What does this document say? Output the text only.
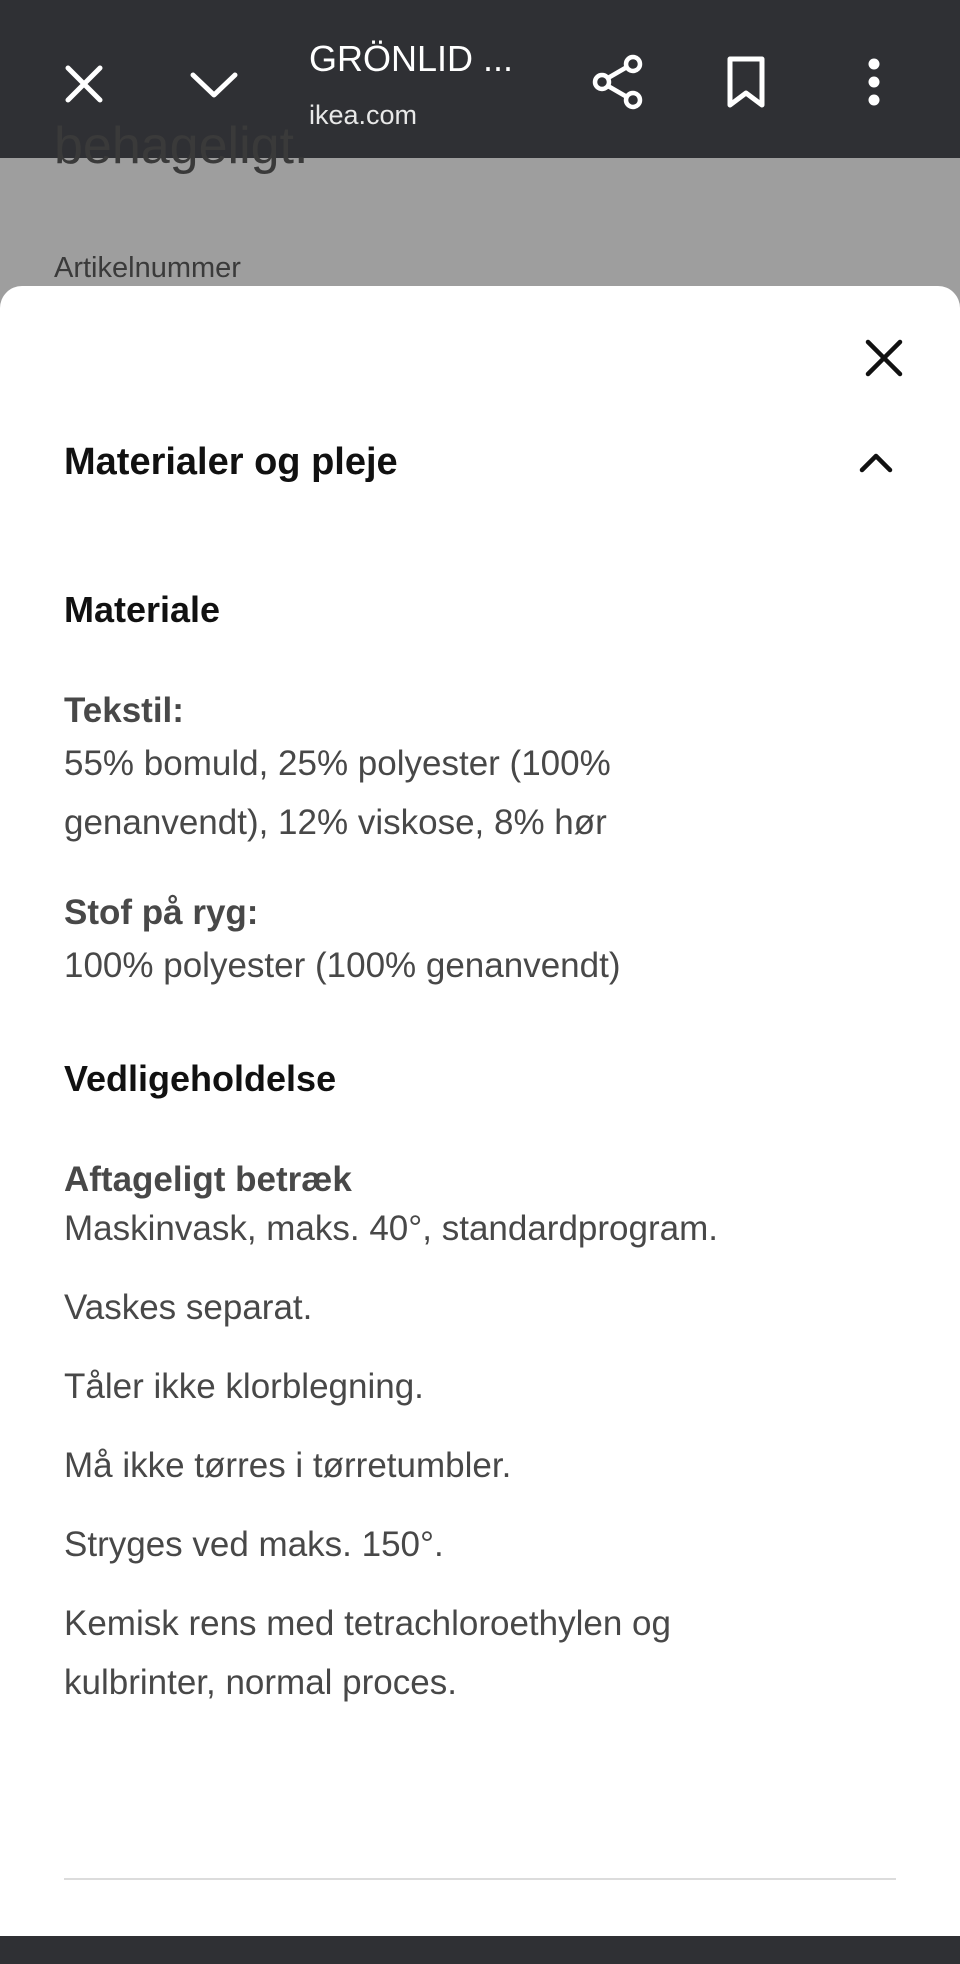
GRÖNLID ...
ikea.com
behageligt.
Artikelnummer
Materialer og pleje
Materiale
Tekstil:
55% bomuld, 25% polyester (100% genanvendt), 12% viskose, 8% hør
Stof på ryg:
100% polyester (100% genanvendt)
Vedligeholdelse
Aftageligt betræk
Maskinvask, maks. 40°, standardprogram.
Vaskes separat.
Tåler ikke klorblegning.
Må ikke tørres i tørretumbler.
Stryges ved maks. 150°.
Kemisk rens med tetrachloroethylen og kulbrinter, normal proces.
